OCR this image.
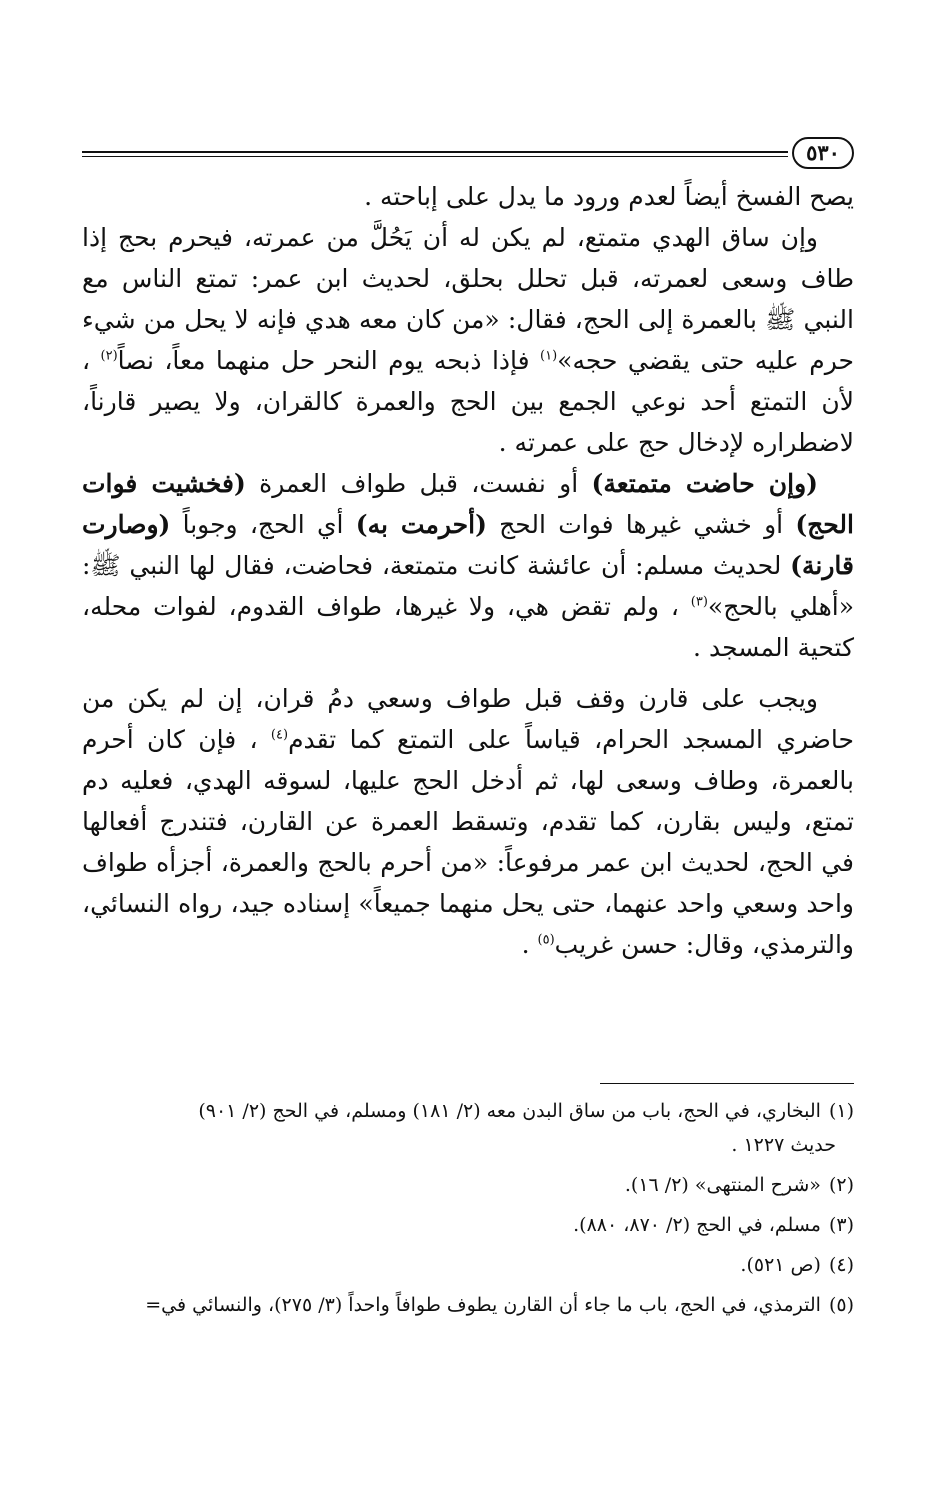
٥٣٠

يصح الفسخ أيضاً لعدم ورود ما يدل على إباحته .

وإن ساق الهدي متمتع، لم يكن له أن يَحُلَّ من عمرته، فيحرم بحج إذا طاف وسعى لعمرته، قبل تحلل بحلق، لحديث ابن عمر: تمتع الناس مع النبي ﷺ بالعمرة إلى الحج، فقال: «من كان معه هدي فإنه لا يحل من شيء حرم عليه حتى يقضي حجه»$^{(١)}$ فإذا ذبحه يوم النحر حل منهما معاً، نصاً$^{(٢)}$ ، لأن التمتع أحد نوعي الجمع بين الحج والعمرة كالقران، ولا يصير قارناً، لاضطراره لإدخال حج على عمرته .

(وإن حاضت متمتعة) أو نفست، قبل طواف العمرة (فخشيت فوات الحج) أو خشي غيرها فوات الحج (أحرمت به) أي الحج، وجوباً (وصارت قارنة) لحديث مسلم: أن عائشة كانت متمتعة، فحاضت، فقال لها النبي ﷺ: «أهلي بالحج»$^{(٣)}$ ، ولم تقض هي، ولا غيرها، طواف القدوم، لفوات محله، كتحية المسجد .

ويجب على قارن وقف قبل طواف وسعي دمُ قران، إن لم يكن من حاضري المسجد الحرام، قياساً على التمتع كما تقدم$^{(٤)}$ ، فإن كان أحرم بالعمرة، وطاف وسعى لها، ثم أدخل الحج عليها، لسوقه الهدي، فعليه دم تمتع، وليس بقارن، كما تقدم، وتسقط العمرة عن القارن، فتندرج أفعالها في الحج، لحديث ابن عمر مرفوعاً: «من أحرم بالحج والعمرة، أجزأه طواف واحد وسعي واحد عنهما، حتى يحل منهما جميعاً» إسناده جيد، رواه النسائي، والترمذي، وقال: حسن غريب$^{(٥)}$ .

(١)البخاري، في الحج، باب من ساق البدن معه (٢/ ١٨١) ومسلم، في الحج (٢/ ٩٠١)
حديث ١٢٢٧ .
(٢)«شرح المنتهى» (٢/ ١٦).
(٣)مسلم، في الحج (٢/ ٨٧٠، ٨٨٠).
(٤)(ص ٥٢١).
(٥)الترمذي، في الحج، باب ما جاء أن القارن يطوف طوافاً واحداً (٣/ ٢٧٥)، والنسائي في=
